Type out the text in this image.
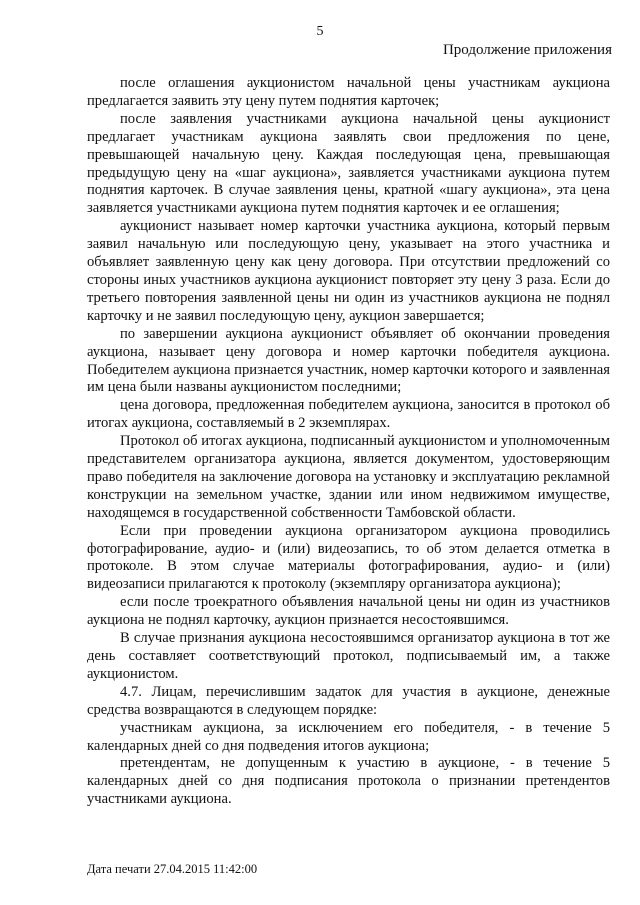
5
Продолжение приложения

после оглашения аукционистом начальной цены участникам аукциона предлагается заявить эту цену путем поднятия карточек;

после заявления участниками аукциона начальной цены аукционист предлагает участникам аукциона заявлять свои предложения по цене, превышающей начальную цену. Каждая последующая цена, превышающая предыдущую цену на «шаг аукциона», заявляется участниками аукциона путем поднятия карточек. В случае заявления цены, кратной «шагу аукциона», эта цена заявляется участниками аукциона путем поднятия карточек и ее оглашения;

аукционист называет номер карточки участника аукциона, который первым заявил начальную или последующую цену, указывает на этого участника и объявляет заявленную цену как цену договора. При отсутствии предложений со стороны иных участников аукциона аукционист повторяет эту цену 3 раза. Если до третьего повторения заявленной цены ни один из участников аукциона не поднял карточку и не заявил последующую цену, аукцион завершается;

по завершении аукциона аукционист объявляет об окончании проведения аукциона, называет цену договора и номер карточки победителя аукциона. Победителем аукциона признается участник, номер карточки которого и заявленная им цена были названы аукционистом последними;

цена договора, предложенная победителем аукциона, заносится в протокол об итогах аукциона, составляемый в 2 экземплярах.

Протокол об итогах аукциона, подписанный аукционистом и уполномоченным представителем организатора аукциона, является документом, удостоверяющим право победителя на заключение договора на установку и эксплуатацию рекламной конструкции на земельном участке, здании или ином недвижимом имуществе, находящемся в государственной собственности Тамбовской области.

Если при проведении аукциона организатором аукциона проводились фотографирование, аудио- и (или) видеозапись, то об этом делается отметка в протоколе. В этом случае материалы фотографирования, аудио- и (или) видеозаписи прилагаются к протоколу (экземпляру организатора аукциона);

если после троекратного объявления начальной цены ни один из участников аукциона не поднял карточку, аукцион признается несостоявшимся.

В случае признания аукциона несостоявшимся организатор аукциона в тот же день составляет соответствующий протокол, подписываемый им, а также аукционистом.

4.7. Лицам, перечислившим задаток для участия в аукционе, денежные средства возвращаются в следующем порядке:

участникам аукциона, за исключением его победителя, - в течение 5 календарных дней со дня подведения итогов аукциона;

претендентам, не допущенным к участию в аукционе, - в течение 5 календарных дней со дня подписания протокола о признании претендентов участниками аукциона.

Дата печати 27.04.2015 11:42:00
